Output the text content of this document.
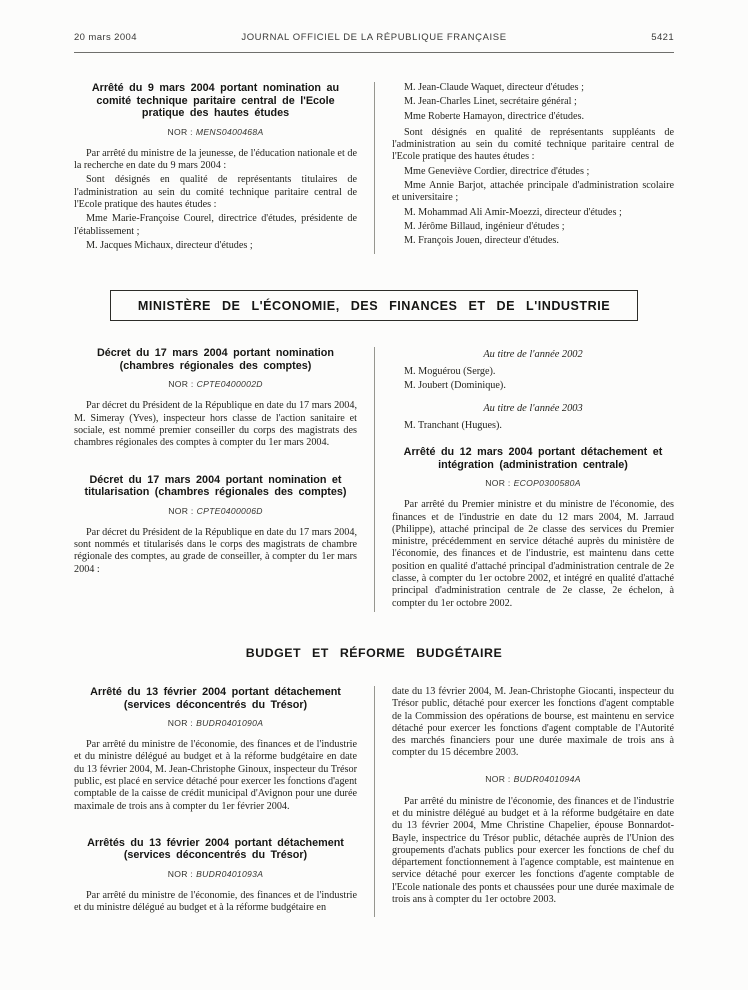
20 mars 2004	JOURNAL OFFICIEL DE LA RÉPUBLIQUE FRANÇAISE	5421

Arrêté du 9 mars 2004 portant nomination au comité technique paritaire central de l'Ecole pratique des hautes études

NOR : MENS0400468A

Par arrêté du ministre de la jeunesse, de l'éducation nationale et de la recherche en date du 9 mars 2004 :

Sont désignés en qualité de représentants titulaires de l'administration au sein du comité technique paritaire central de l'Ecole pratique des hautes études :

Mme Marie-Françoise Courel, directrice d'études, présidente de l'établissement ;

M. Jacques Michaux, directeur d'études ;

M. Jean-Claude Waquet, directeur d'études ;

M. Jean-Charles Linet, secrétaire général ;

Mme Roberte Hamayon, directrice d'études.

Sont désignés en qualité de représentants suppléants de l'administration au sein du comité technique paritaire central de l'Ecole pratique des hautes études :

Mme Geneviève Cordier, directrice d'études ;

Mme Annie Barjot, attachée principale d'administration scolaire et universitaire ;

M. Mohammad Ali Amir-Moezzi, directeur d'études ;

M. Jérôme Billaud, ingénieur d'études ;

M. François Jouen, directeur d'études.

MINISTÈRE DE L'ÉCONOMIE, DES FINANCES ET DE L'INDUSTRIE

Décret du 17 mars 2004 portant nomination (chambres régionales des comptes)

NOR : CPTE0400002D

Par décret du Président de la République en date du 17 mars 2004, M. Simeray (Yves), inspecteur hors classe de l'action sanitaire et sociale, est nommé premier conseiller du corps des magistrats des chambres régionales des comptes à compter du 1er mars 2004.

Décret du 17 mars 2004 portant nomination et titularisation (chambres régionales des comptes)

NOR : CPTE0400006D

Par décret du Président de la République en date du 17 mars 2004, sont nommés et titularisés dans le corps des magistrats de chambre régionale des comptes, au grade de conseiller, à compter du 1er mars 2004 :

Au titre de l'année 2002

M. Moguérou (Serge).

M. Joubert (Dominique).

Au titre de l'année 2003

M. Tranchant (Hugues).

Arrêté du 12 mars 2004 portant détachement et intégration (administration centrale)

NOR : ECOP0300580A

Par arrêté du Premier ministre et du ministre de l'économie, des finances et de l'industrie en date du 12 mars 2004, M. Jarraud (Philippe), attaché principal de 2e classe des services du Premier ministre, précédemment en service détaché auprès du ministère de l'économie, des finances et de l'industrie, est maintenu dans cette position en qualité d'attaché principal d'administration centrale de 2e classe, à compter du 1er octobre 2002, et intégré en qualité d'attaché principal d'administration centrale de 2e classe, 2e échelon, à compter du 1er octobre 2002.

BUDGET ET RÉFORME BUDGÉTAIRE

Arrêté du 13 février 2004 portant détachement (services déconcentrés du Trésor)

NOR : BUDR0401090A

Par arrêté du ministre de l'économie, des finances et de l'industrie et du ministre délégué au budget et à la réforme budgétaire en date du 13 février 2004, M. Jean-Christophe Ginoux, inspecteur du Trésor public, est placé en service détaché pour exercer les fonctions d'agent comptable de la caisse de crédit municipal d'Avignon pour une durée maximale de trois ans à compter du 1er février 2004.

Arrêtés du 13 février 2004 portant détachement (services déconcentrés du Trésor)

NOR : BUDR0401093A

Par arrêté du ministre de l'économie, des finances et de l'industrie et du ministre délégué au budget et à la réforme budgétaire en

date du 13 février 2004, M. Jean-Christophe Giocanti, inspecteur du Trésor public, détaché pour exercer les fonctions d'agent comptable de la Commission des opérations de bourse, est maintenu en service détaché pour exercer les fonctions d'agent comptable de l'Autorité des marchés financiers pour une durée maximale de trois ans à compter du 15 décembre 2003.

NOR : BUDR0401094A

Par arrêté du ministre de l'économie, des finances et de l'industrie et du ministre délégué au budget et à la réforme budgétaire en date du 13 février 2004, Mme Christine Chapelier, épouse Bonnardot-Bayle, inspectrice du Trésor public, détachée auprès de l'Union des groupements d'achats publics pour exercer les fonctions de chef du département fonctionnement à l'agence comptable, est maintenue en service détaché pour exercer les fonctions d'agente comptable de l'Ecole nationale des ponts et chaussées pour une durée maximale de trois ans à compter du 1er octobre 2003.
